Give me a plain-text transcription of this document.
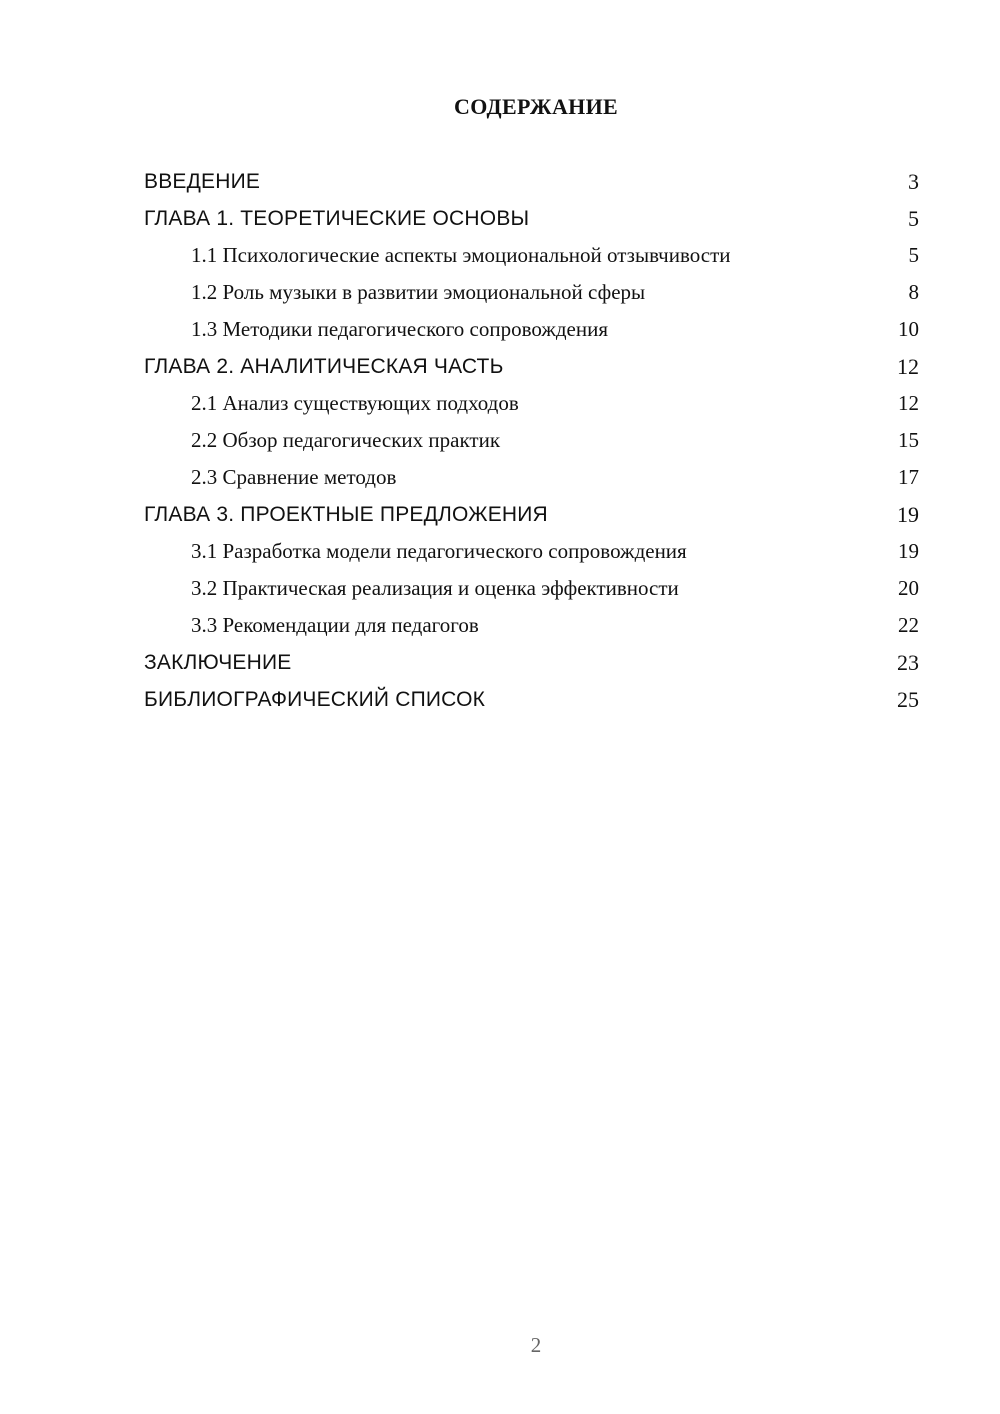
СОДЕРЖАНИЕ
ВВЕДЕНИЕ	3
ГЛАВА 1. ТЕОРЕТИЧЕСКИЕ ОСНОВЫ	5
1.1 Психологические аспекты эмоциональной отзывчивости	5
1.2 Роль музыки в развитии эмоциональной сферы	8
1.3 Методики педагогического сопровождения	10
ГЛАВА 2. АНАЛИТИЧЕСКАЯ ЧАСТЬ	12
2.1 Анализ существующих подходов	12
2.2 Обзор педагогических практик	15
2.3 Сравнение методов	17
ГЛАВА 3. ПРОЕКТНЫЕ ПРЕДЛОЖЕНИЯ	19
3.1 Разработка модели педагогического сопровождения	19
3.2 Практическая реализация и оценка эффективности	20
3.3 Рекомендации для педагогов	22
ЗАКЛЮЧЕНИЕ	23
БИБЛИОГРАФИЧЕСКИЙ СПИСОК	25
2
